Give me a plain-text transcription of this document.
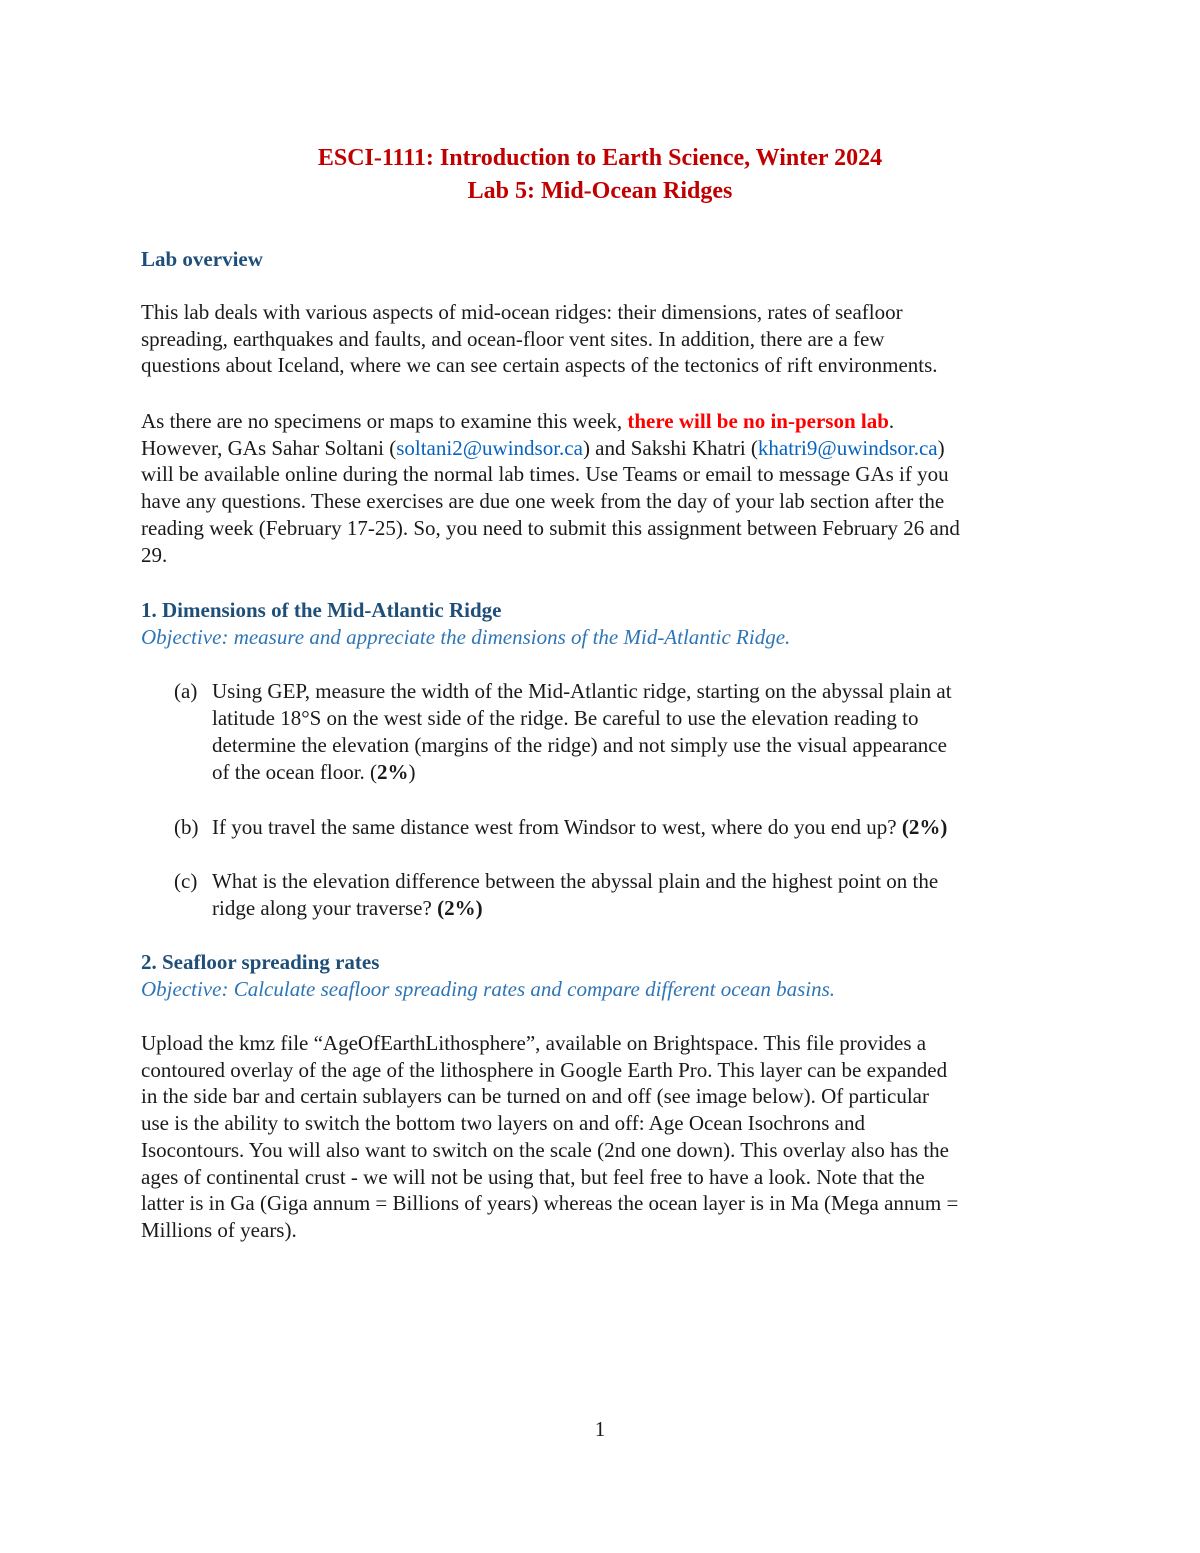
ESCI-1111: Introduction to Earth Science, Winter 2024
Lab 5: Mid-Ocean Ridges
Lab overview
This lab deals with various aspects of mid-ocean ridges: their dimensions, rates of seafloor
spreading, earthquakes and faults, and ocean-floor vent sites. In addition, there are a few
questions about Iceland, where we can see certain aspects of the tectonics of rift environments.
As there are no specimens or maps to examine this week, there will be no in-person lab.
However, GAs Sahar Soltani (soltani2@uwindsor.ca) and Sakshi Khatri (khatri9@uwindsor.ca)
will be available online during the normal lab times. Use Teams or email to message GAs if you
have any questions. These exercises are due one week from the day of your lab section after the
reading week (February 17-25). So, you need to submit this assignment between February 26 and
29.
1. Dimensions of the Mid-Atlantic Ridge
Objective: measure and appreciate the dimensions of the Mid-Atlantic Ridge.
(a) Using GEP, measure the width of the Mid-Atlantic ridge, starting on the abyssal plain at
latitude 18°S on the west side of the ridge. Be careful to use the elevation reading to
determine the elevation (margins of the ridge) and not simply use the visual appearance
of the ocean floor. (2%)
(b) If you travel the same distance west from Windsor to west, where do you end up? (2%)
(c) What is the elevation difference between the abyssal plain and the highest point on the
ridge along your traverse? (2%)
2. Seafloor spreading rates
Objective: Calculate seafloor spreading rates and compare different ocean basins.
Upload the kmz file “AgeOfEarthLithosphere”, available on Brightspace. This file provides a
contoured overlay of the age of the lithosphere in Google Earth Pro. This layer can be expanded
in the side bar and certain sublayers can be turned on and off (see image below). Of particular
use is the ability to switch the bottom two layers on and off: Age Ocean Isochrons and
Isocontours. You will also want to switch on the scale (2nd one down). This overlay also has the
ages of continental crust - we will not be using that, but feel free to have a look. Note that the
latter is in Ga (Giga annum = Billions of years) whereas the ocean layer is in Ma (Mega annum =
Millions of years).
1
